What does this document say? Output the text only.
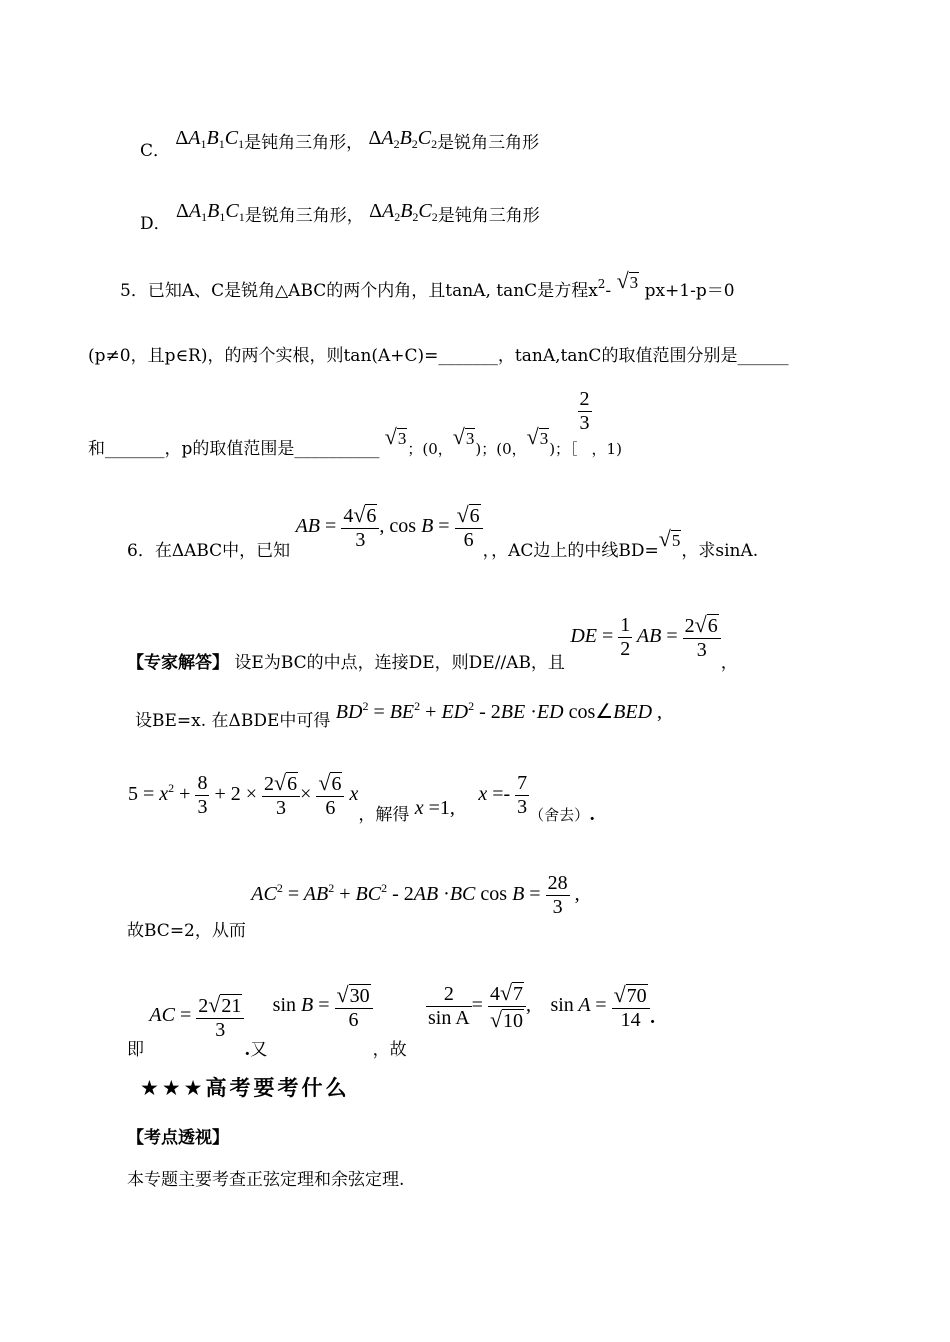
C． $\Delta A_1B_1C_1$是钝角三角形， $\Delta A_2B_2C_2$是锐角三角形
D． $\Delta A_1B_1C_1$是锐角三角形， $\Delta A_2B_2C_2$是钝角三角形
5．已知A、C是锐角△ABC的两个内角，且tanA, tanC是方程$x^2-$ √3 px+1-p＝0
(p≠0，且p∈R)，的两个实根，则tan(A+C)=_______，tanA,tanC的取值范围分别是______
和_______，p的取值范围是__________ √3；(0，√3)；(0，√3)；［
$\frac{2}{3}$
，1)
6．在ΔABC中，已知 AB = $\frac{4√6}{3}$ , $\cos B = \frac{√6}{6}$ ，，AC边上的中线BD=√5，求sinA.
【专家解答】 设E为BC的中点，连接DE，则DE//AB，且 DE = $\frac{1}{2}$ AB = $\frac{2√6}{3}$
，
设BE=x. 在ΔBDE中可得 $BD^2 = BE^2 + ED^2 - 2BE \cdot ED$ cos∠BED ,
$5 = x^2 + \frac{8}{3} + 2 \times \frac{2√6}{3} \times \frac{√6}{6}$ x，解得 x =1, $x =- \frac{7}{3}$ （舍去）.
故BC=2，从而 $AC^2 = AB^2 + BC^2 - 2AB \cdot BC$ $\cos B = \frac{28}{3}$ ,
即 AC = $\frac{2√21}{3}$
.又 $\sin B = \frac{√30}{6}$
，故
$\frac{2}{\text{sin A}} = \frac{4√7}{√10}$ , $\sin A = \frac{√70}{14}$ .
★★★高考要考什么
【考点透视】
本专题主要考查正弦定理和余弦定理.
